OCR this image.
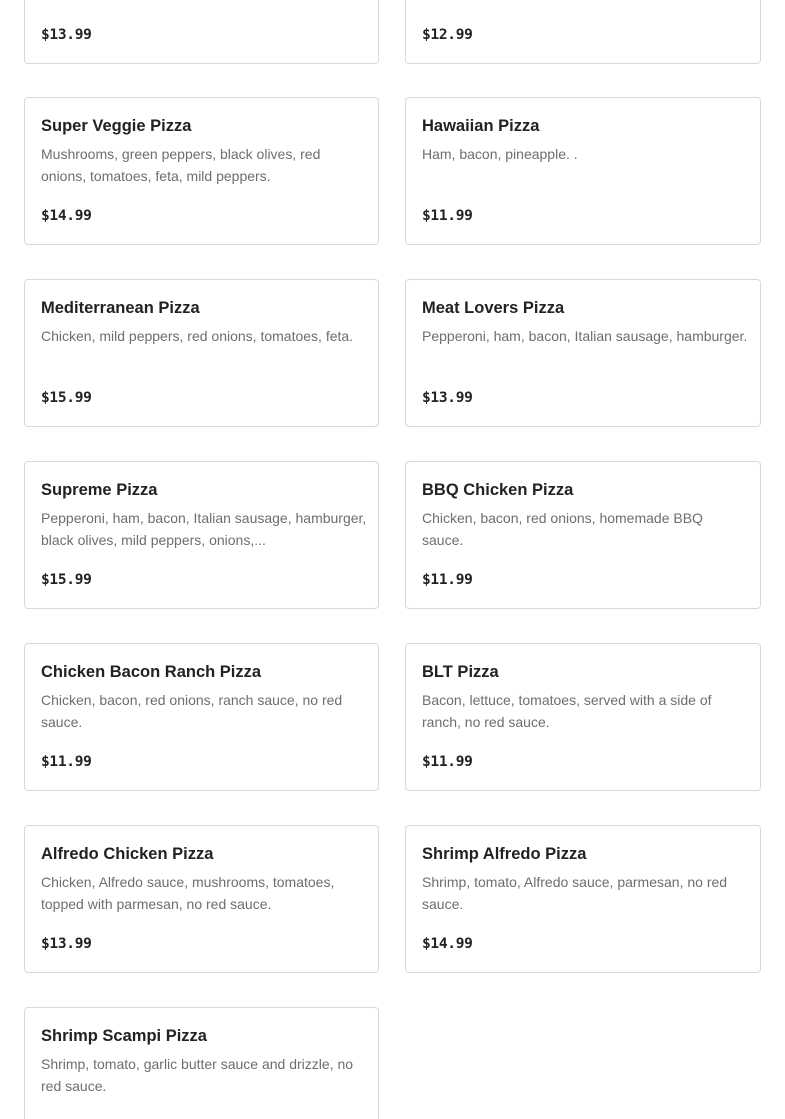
$13.99	$12.99
Super Veggie Pizza
Mushrooms, green peppers, black olives, red onions, tomatoes, feta, mild peppers.
$14.99
Hawaiian Pizza
Ham, bacon, pineapple. .
$11.99
Mediterranean Pizza
Chicken, mild peppers, red onions, tomatoes, feta.
$15.99
Meat Lovers Pizza
Pepperoni, ham, bacon, Italian sausage, hamburger.
$13.99
Supreme Pizza
Pepperoni, ham, bacon, Italian sausage, hamburger, black olives, mild peppers, onions,...
$15.99
BBQ Chicken Pizza
Chicken, bacon, red onions, homemade BBQ sauce.
$11.99
Chicken Bacon Ranch Pizza
Chicken, bacon, red onions, ranch sauce, no red sauce.
$11.99
BLT Pizza
Bacon, lettuce, tomatoes, served with a side of ranch, no red sauce.
$11.99
Alfredo Chicken Pizza
Chicken, Alfredo sauce, mushrooms, tomatoes, topped with parmesan, no red sauce.
$13.99
Shrimp Alfredo Pizza
Shrimp, tomato, Alfredo sauce, parmesan, no red sauce.
$14.99
Shrimp Scampi Pizza
Shrimp, tomato, garlic butter sauce and drizzle, no red sauce.
